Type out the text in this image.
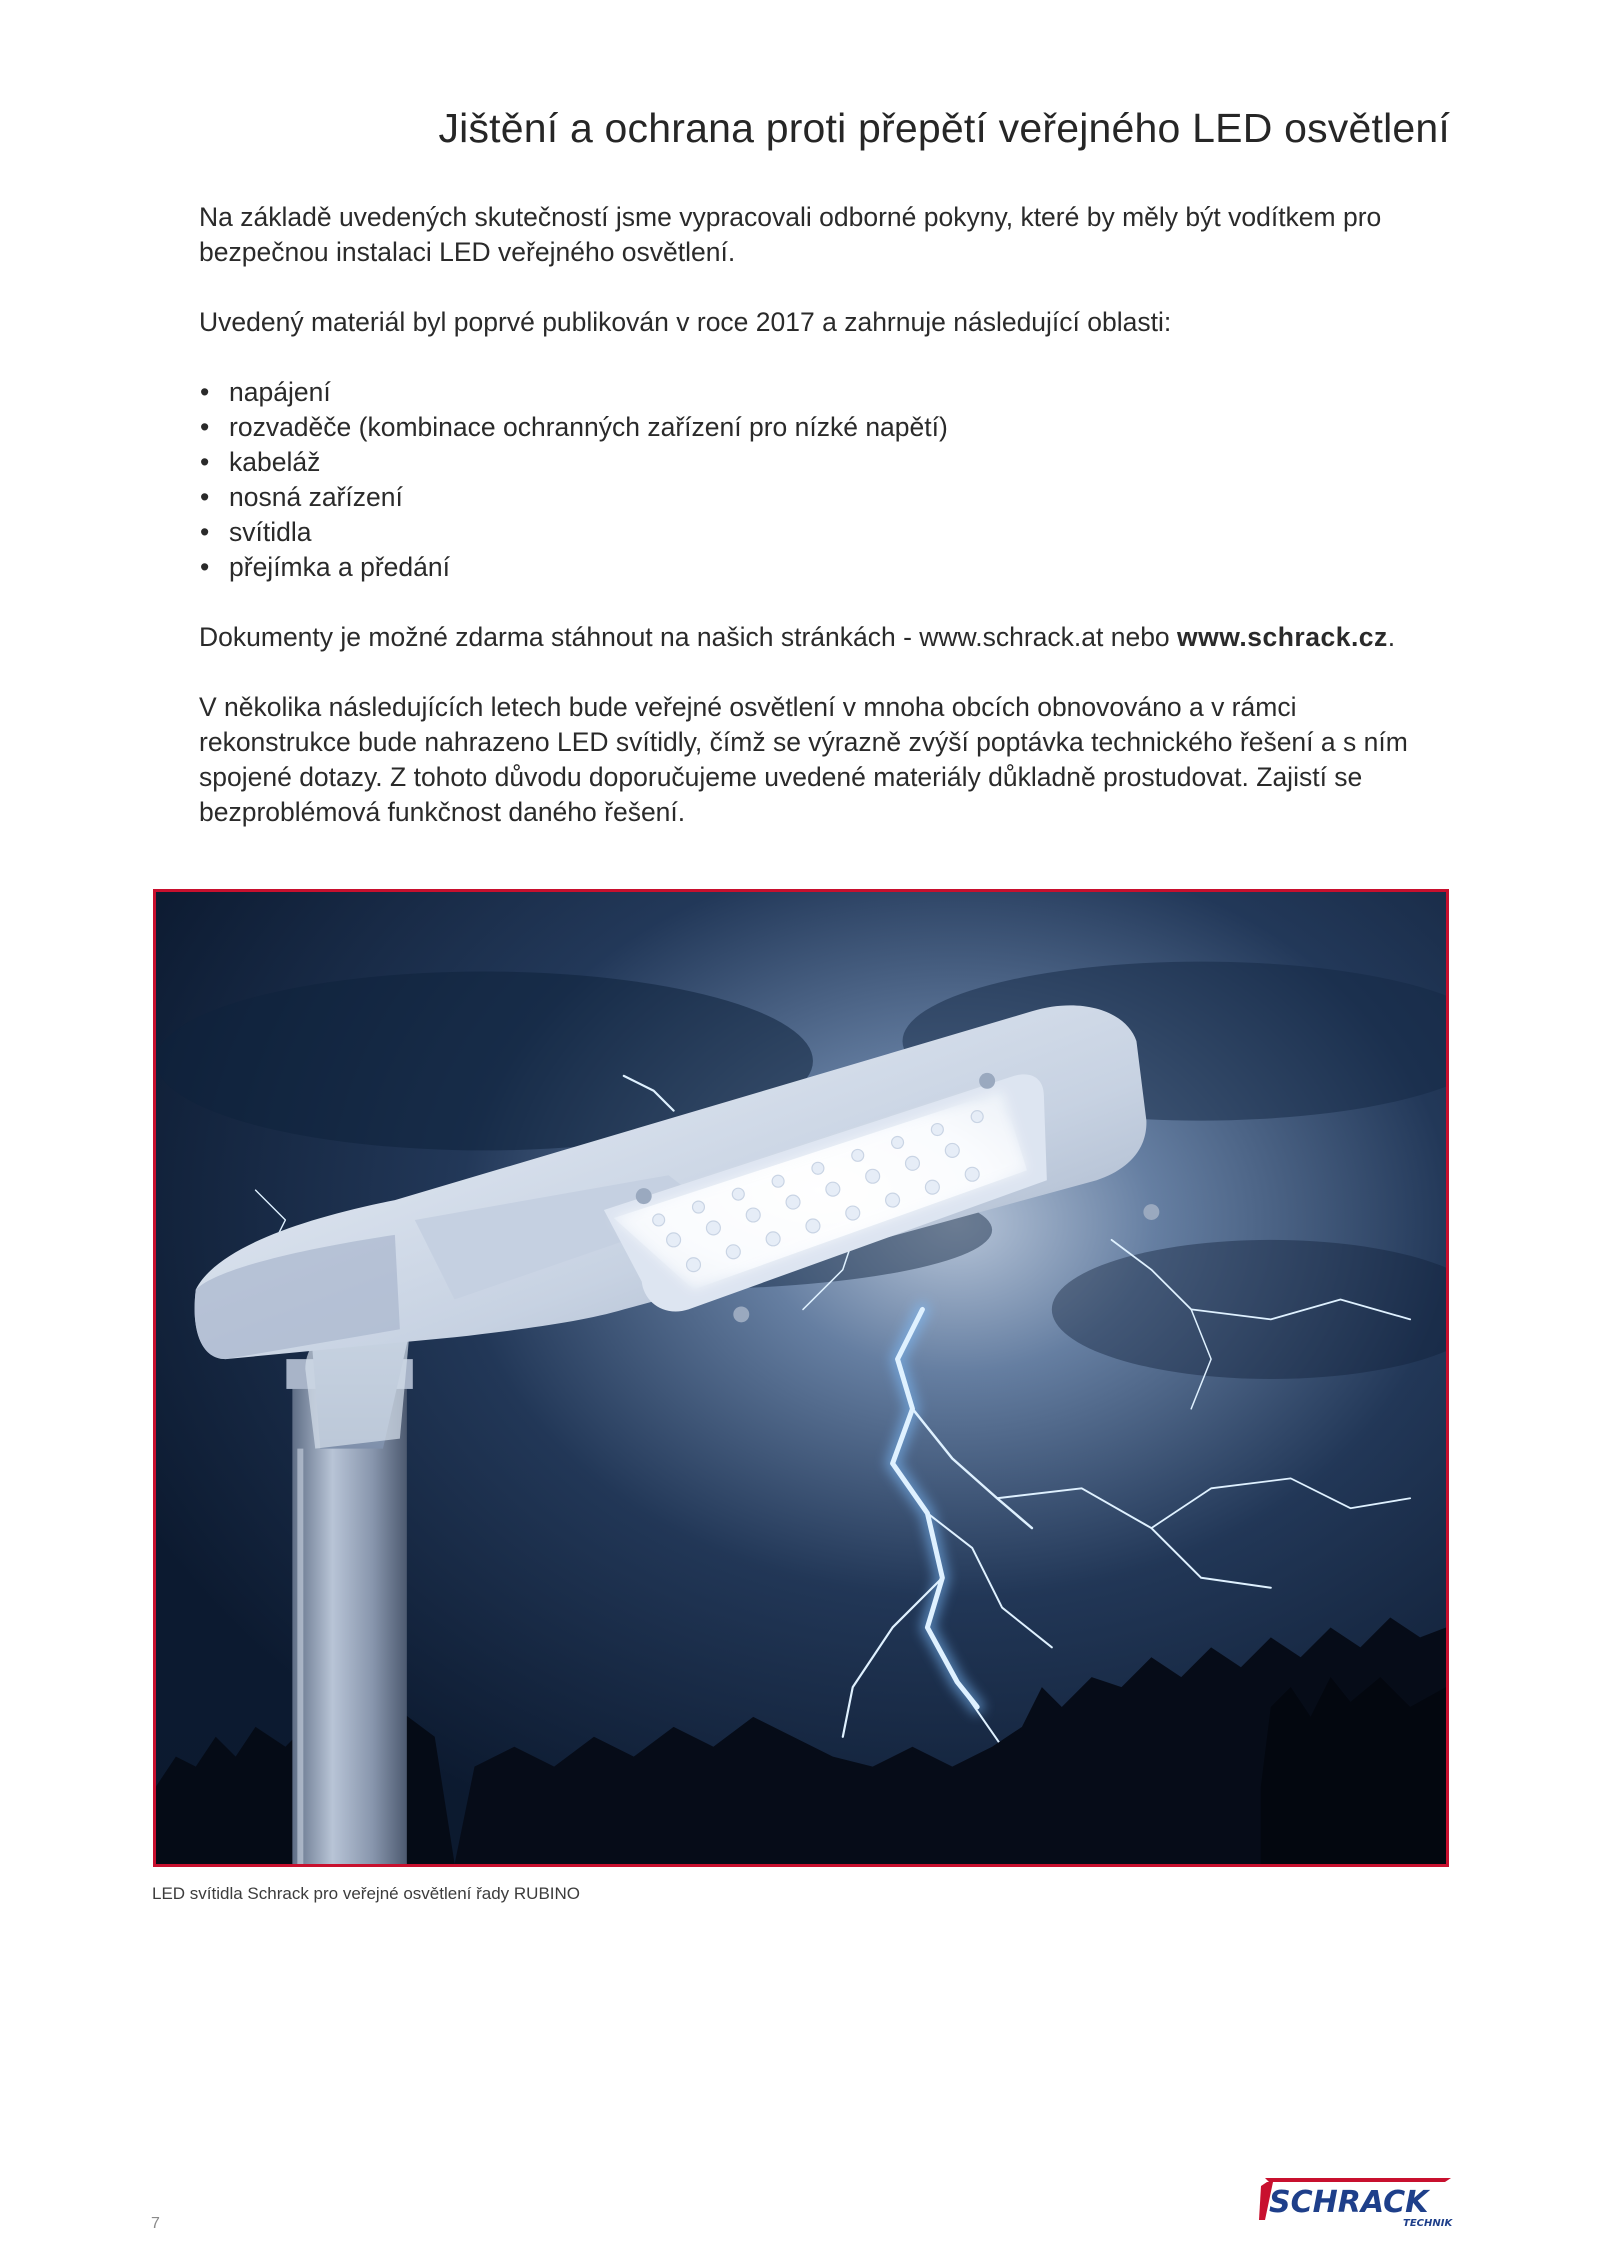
Jištění a ochrana proti přepětí veřejného LED osvětlení

Na základě uvedených skutečností jsme vypracovali odborné pokyny, které by měly být vodítkem pro bezpečnou instalaci LED veřejného osvětlení.

Uvedený materiál byl poprvé publikován v roce 2017 a zahrnuje následující oblasti:

• napájení
• rozvaděče (kombinace ochranných zařízení pro nízké napětí)
• kabeláž
• nosná zařízení
• svítidla
• přejímka a předání

Dokumenty je možné zdarma stáhnout na našich stránkách - www.schrack.at nebo www.schrack.cz.

V několika následujících letech bude veřejné osvětlení v mnoha obcích obnovováno a v rámci rekonstrukce bude nahrazeno LED svítidly, čímž se výrazně zvýší poptávka technického řešení a s ním spojené dotazy. Z tohoto důvodu doporučujeme uvedené materiály důkladně prostudovat. Zajistí se bezproblémová funkčnost daného řešení.

LED svítidla Schrack pro veřejné osvětlení řady RUBINO
7
SCHRACK
TECHNIK
